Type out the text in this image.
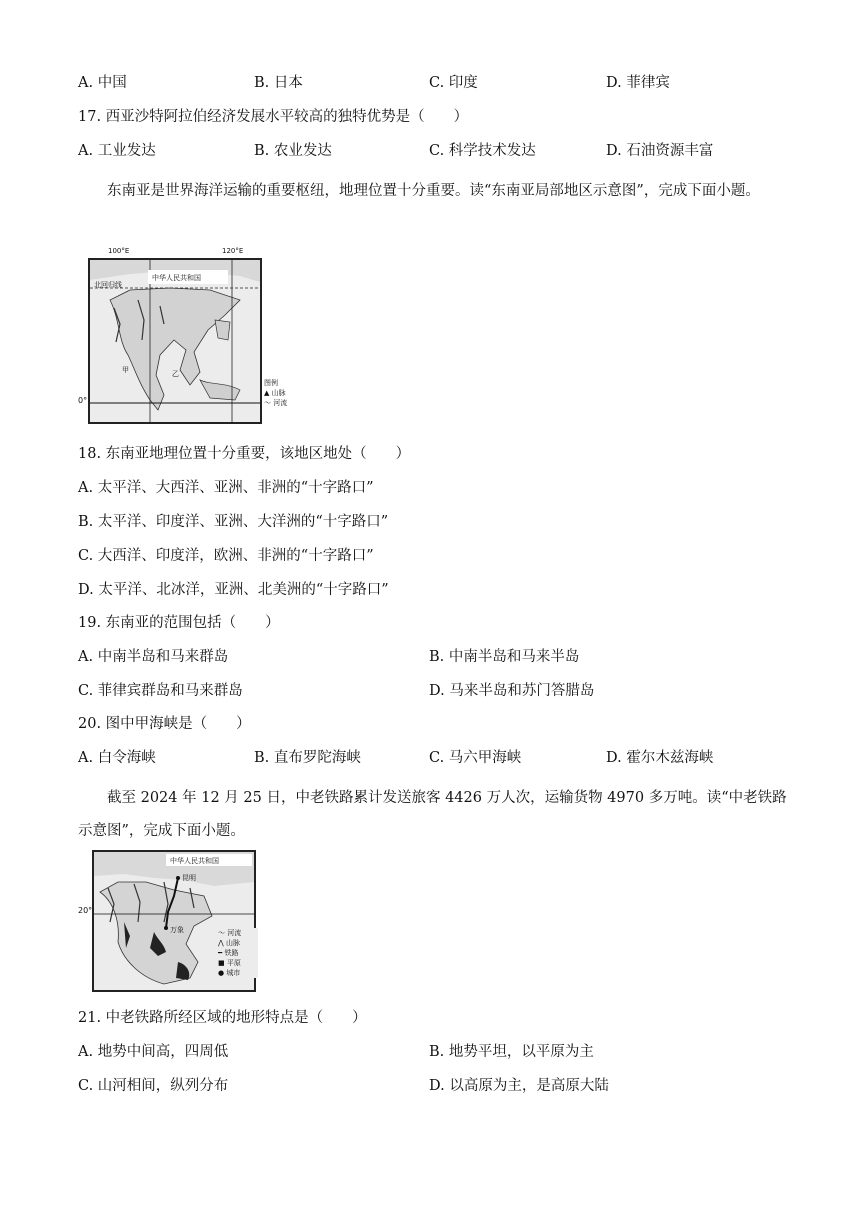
A. 中国	B. 日本	C. 印度	D. 菲律宾
17. 西亚沙特阿拉伯经济发展水平较高的独特优势是（　　）
A. 工业发达	B. 农业发达	C. 科学技术发达	D. 石油资源丰富

东南亚是世界海洋运输的重要枢纽，地理位置十分重要。读“东南亚局部地区示意图”，完成下面小题。

中华人民共和国
北回归线
甲	乙
100°E	120°E
0°
图例
▲ 山脉
〜 河流
18. 东南亚地理位置十分重要，该地区地处（　　）
A. 太平洋、大西洋、亚洲、非洲的“十字路口”
B. 太平洋、印度洋、亚洲、大洋洲的“十字路口”
C. 大西洋、印度洋，欧洲、非洲的“十字路口”
D. 太平洋、北冰洋，亚洲、北美洲的“十字路口”
19. 东南亚的范围包括（　　）
A. 中南半岛和马来群岛	B. 中南半岛和马来半岛
C. 菲律宾群岛和马来群岛	D. 马来半岛和苏门答腊岛
20. 图中甲海峡是（　　）
A. 白令海峡	B. 直布罗陀海峡	C. 马六甲海峡	D. 霍尔木兹海峡

截至 2024 年 12 月 25 日，中老铁路累计发送旅客 4426 万人次，运输货物 4970 多万吨。读“中老铁路示意图”，完成下面小题。

中华人民共和国
昆明
万象
20°
〜 河流
⋀ 山脉
━ 铁路
■ 平原
● 城市
21. 中老铁路所经区域的地形特点是（　　）
A. 地势中间高，四周低	B. 地势平坦，以平原为主
C. 山河相间，纵列分布	D. 以高原为主，是高原大陆
